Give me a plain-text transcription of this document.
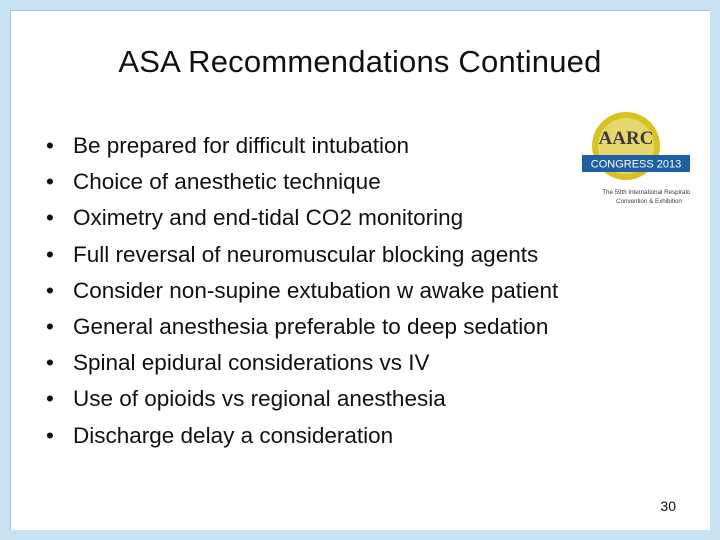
ASA Recommendations Continued
• Be prepared for difficult intubation
• Choice of anesthetic technique
• Oximetry and end-tidal CO2 monitoring
• Full reversal of neuromuscular blocking agents
• Consider non-supine extubation w awake patient
• General anesthesia preferable to deep sedation
• Spinal epidural considerations vs IV
• Use of opioids vs regional anesthesia
• Discharge delay a consideration
AARC
CONGRESS 2013
The 59th International Respiratory
Convention & Exhibition
30
